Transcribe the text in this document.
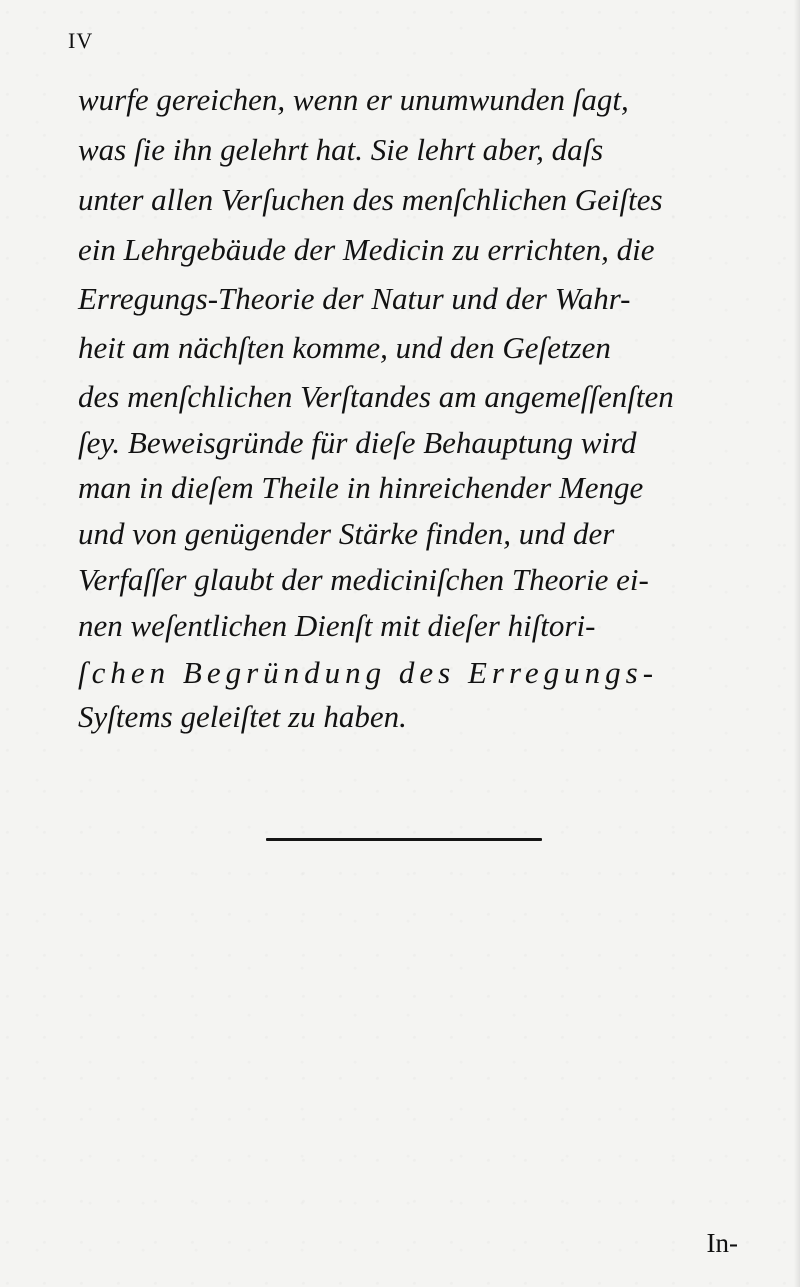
IV
wurfe gereichen, wenn er unumwunden ſagt,
was ſie ihn gelehrt hat. Sie lehrt aber, daſs
unter allen Verſuchen des menſchlichen Geiſtes
ein Lehrgebäude der Medicin zu errichten, die
Erregungs-Theorie der Natur und der Wahr-
heit am nächſten komme, und den Geſetzen
des menſchlichen Verſtandes am angemeſſenſten
ſey. Beweisgründe für dieſe Behauptung wird
man in dieſem Theile in hinreichender Menge
und von genügender Stärke finden, und der
Verfaſſer glaubt der mediciniſchen Theorie ei-
nen weſentlichen Dienſt mit dieſer hiſtori-
ſchen Begründung des Erregungs-
Syſtems geleiſtet zu haben.
In-
